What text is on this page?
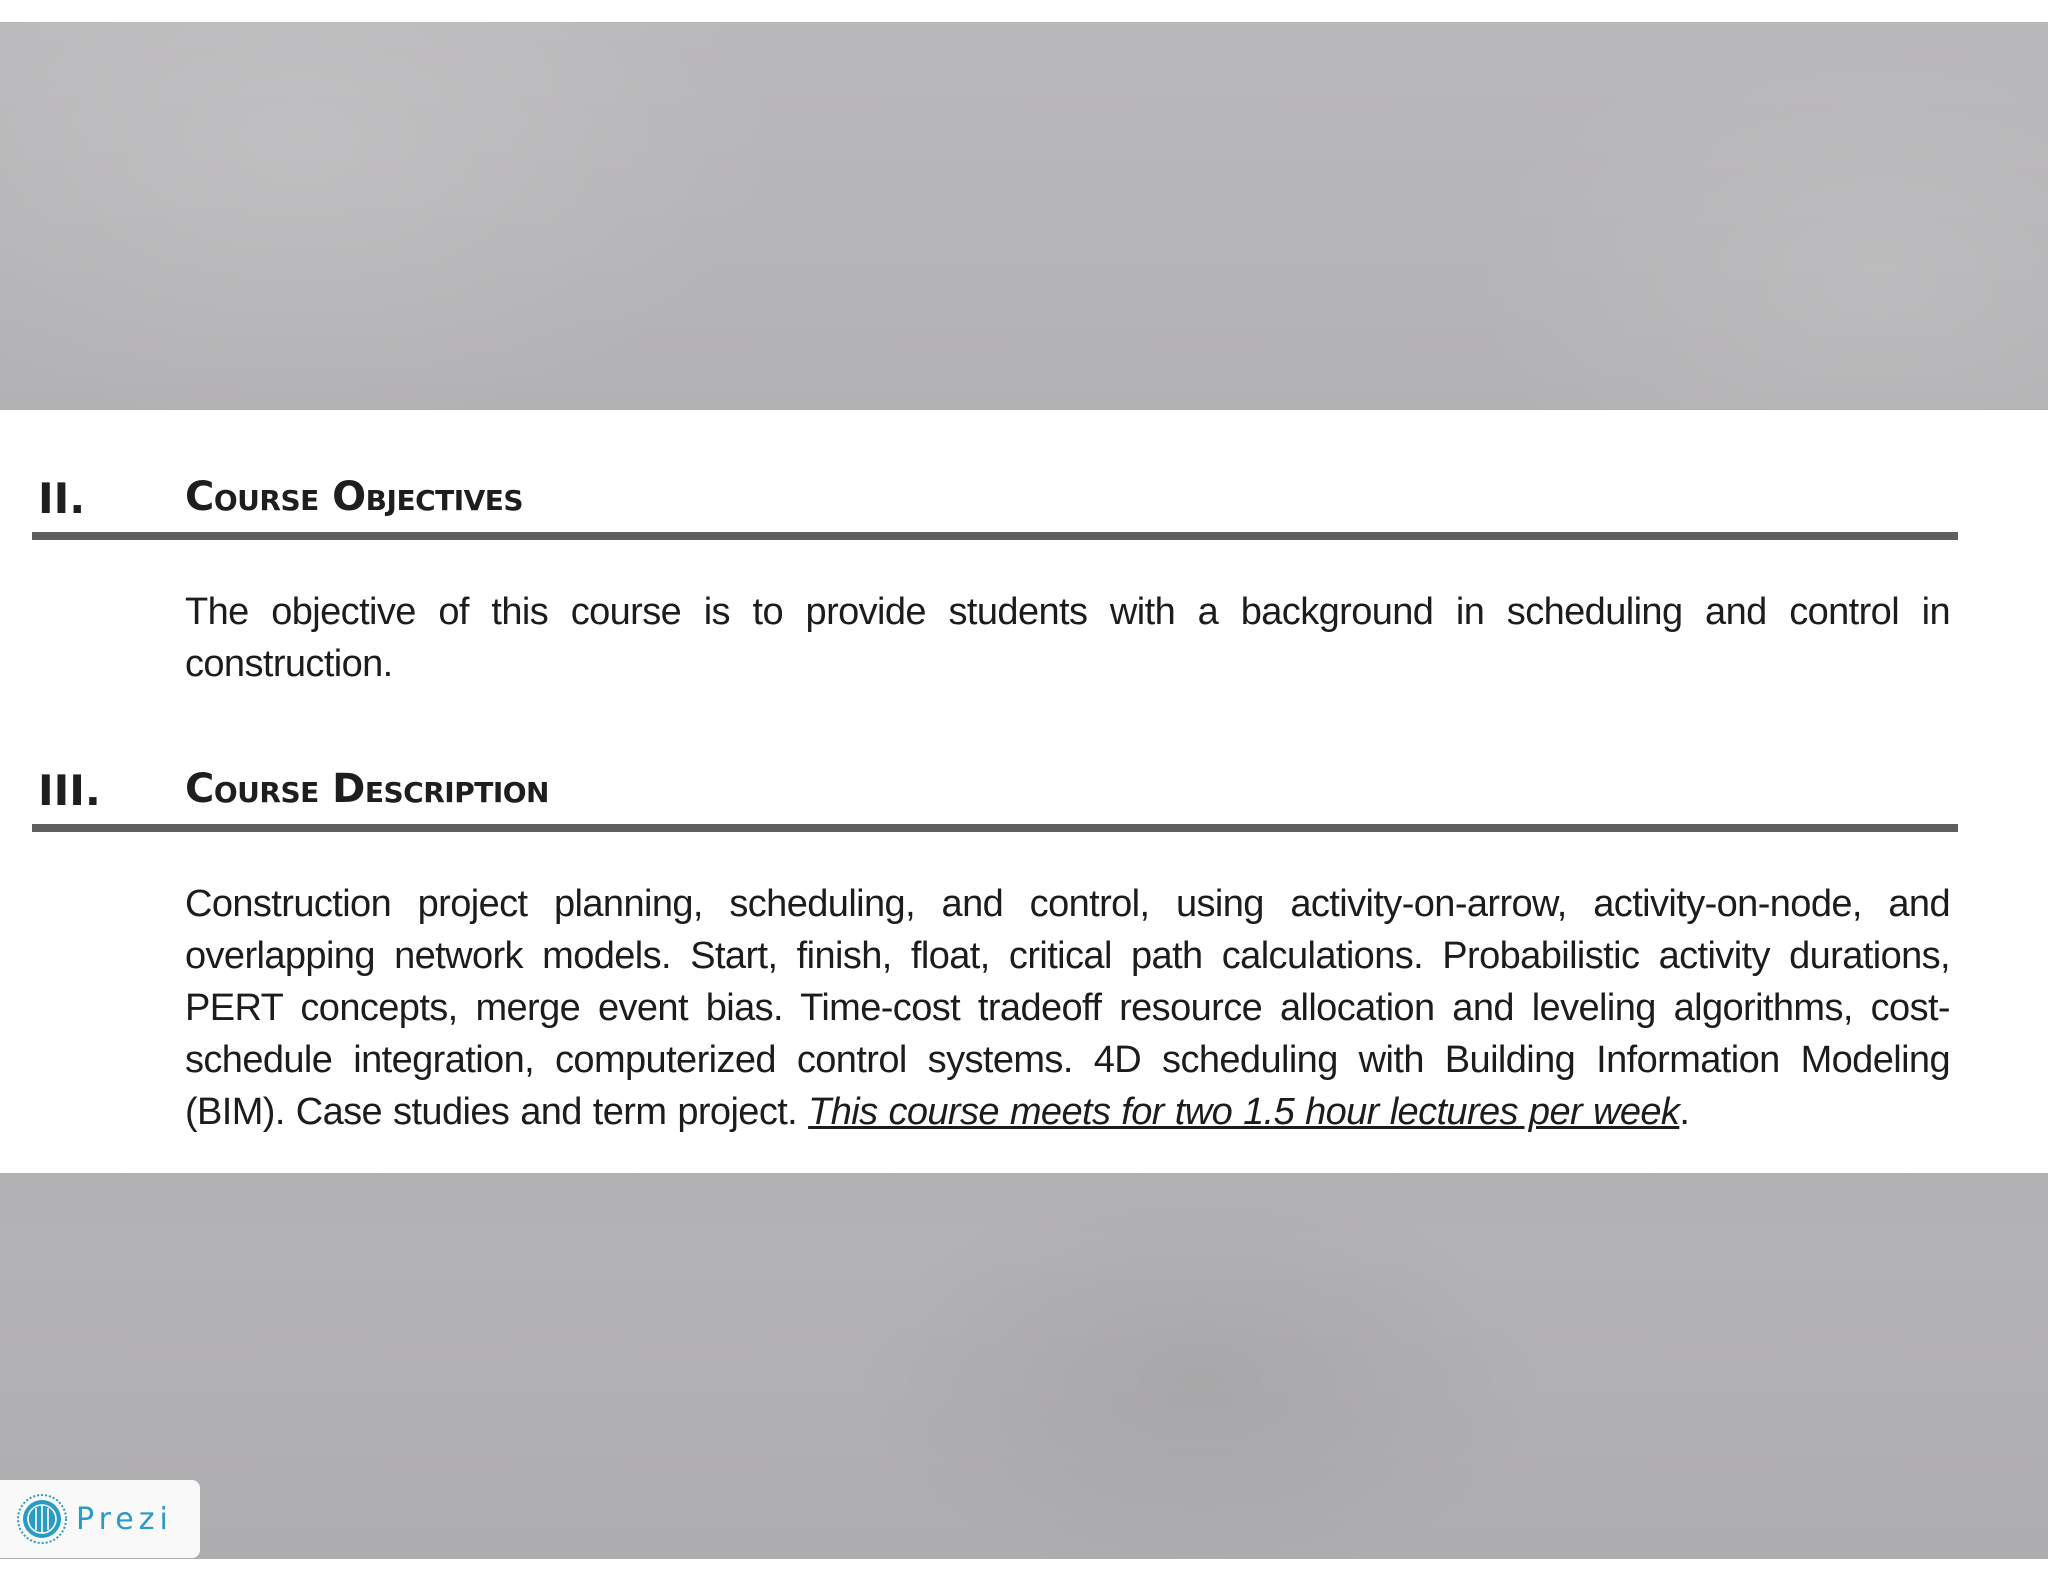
II. Course Objectives
The objective of this course is to provide students with a background in scheduling and control in construction.
III. Course Description
Construction project planning, scheduling, and control, using activity-on-arrow, activity-on-node, and overlapping network models. Start, finish, float, critical path calculations. Probabilistic activity durations, PERT concepts, merge event bias. Time-cost tradeoff resource allocation and leveling algorithms, cost-schedule integration, computerized control systems. 4D scheduling with Building Information Modeling (BIM). Case studies and term project. This course meets for two 1.5 hour lectures per week.
Prezi
